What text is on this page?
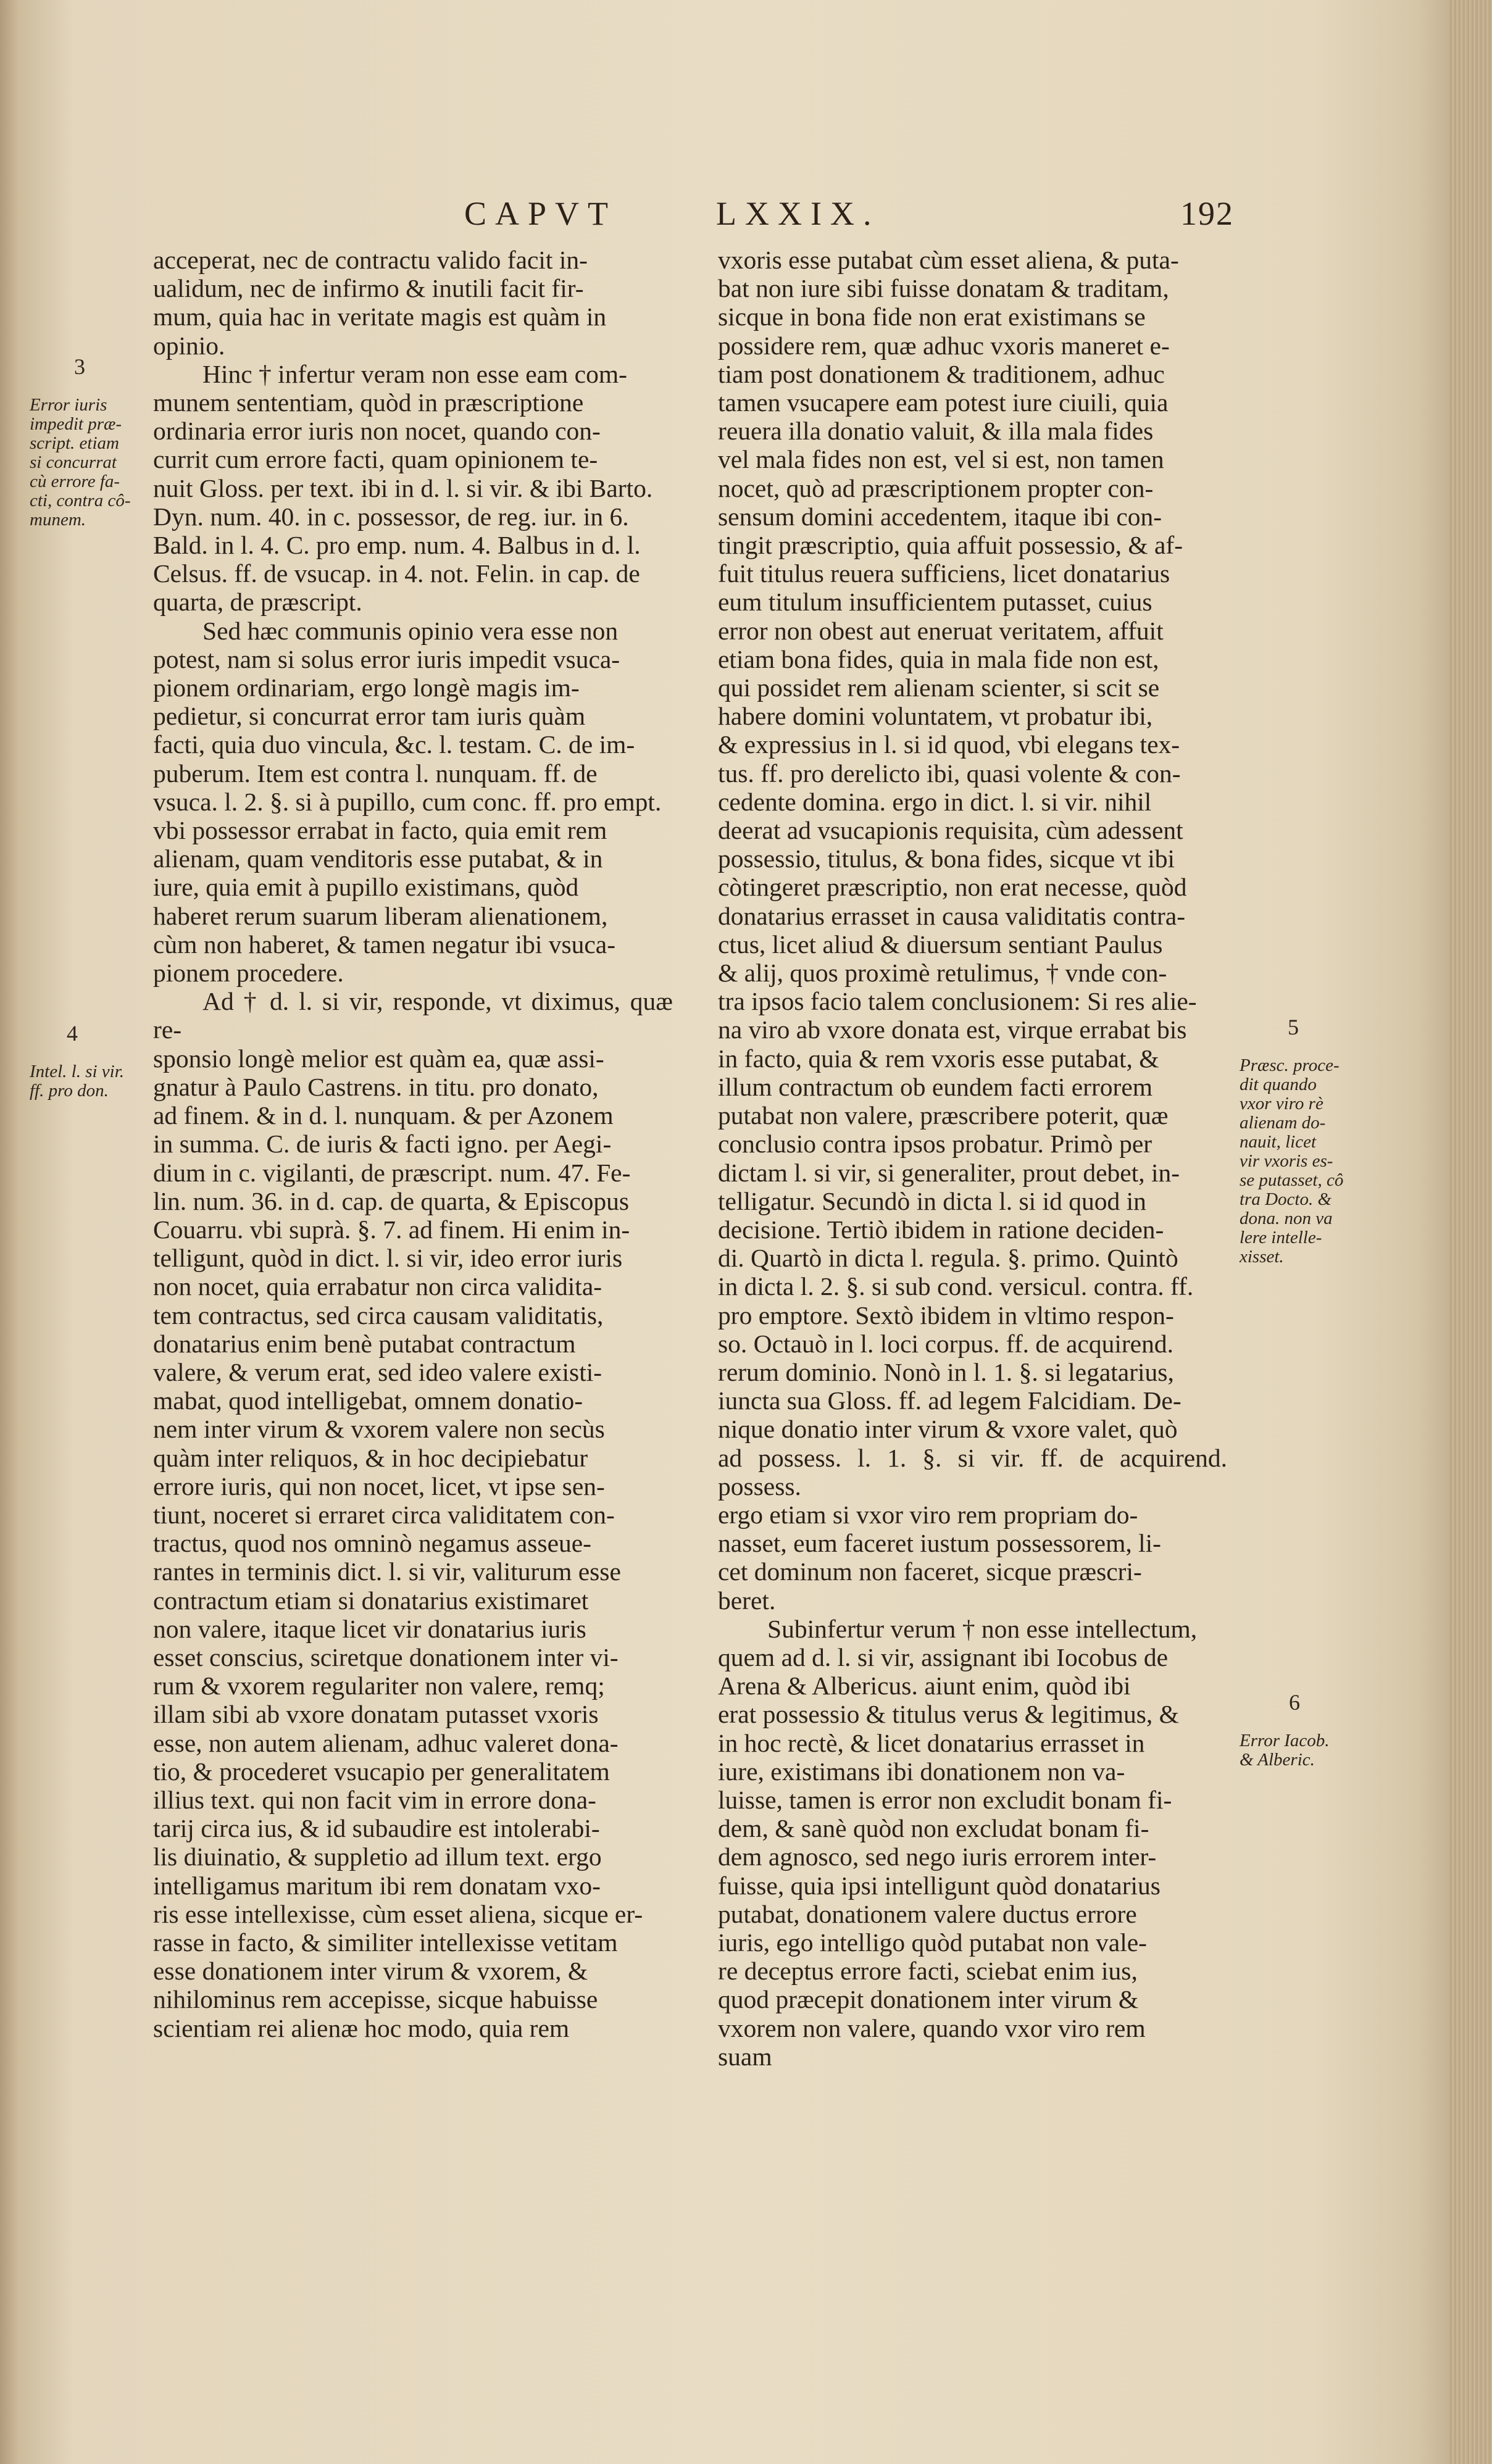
CAPVT	LXXIX.	192

acceperat, nec de contractu valido facit in-
ualidum, nec de infirmo & inutili facit fir-
mum, quia hac in veritate magis est quàm in
opinio.

Hinc † infertur veram non esse eam com-
munem sententiam, quòd in præscriptione
ordinaria error iuris non nocet, quando con-
currit cum errore facti, quam opinionem te-
nuit Gloss. per text. ibi in d. l. si vir. & ibi Barto.
Dyn. num. 40. in c. possessor, de reg. iur. in 6.
Bald. in l. 4. C. pro emp. num. 4. Balbus in d. l.
Celsus. ff. de vsucap. in 4. not. Felin. in cap. de
quarta, de præscript.

Sed hæc communis opinio vera esse non
potest, nam si solus error iuris impedit vsuca-
pionem ordinariam, ergo longè magis im-
pedietur, si concurrat error tam iuris quàm
facti, quia duo vincula, &c. l. testam. C. de im-
puberum. Item est contra l. nunquam. ff. de
vsuca. l. 2. §. si à pupillo, cum conc. ff. pro empt.
vbi possessor errabat in facto, quia emit rem
alienam, quam venditoris esse putabat, & in
iure, quia emit à pupillo existimans, quòd
haberet rerum suarum liberam alienationem,
cùm non haberet, & tamen negatur ibi vsuca-
pionem procedere.

Ad † d. l. si vir, responde, vt diximus, quæ re-
sponsio longè melior est quàm ea, quæ assi-
gnatur à Paulo Castrens. in titu. pro donato,
ad finem. & in d. l. nunquam. & per Azonem
in summa. C. de iuris & facti igno. per Aegi-
dium in c. vigilanti, de præscript. num. 47. Fe-
lin. num. 36. in d. cap. de quarta, & Episcopus
Couarru. vbi suprà. §. 7. ad finem. Hi enim in-
telligunt, quòd in dict. l. si vir, ideo error iuris
non nocet, quia errabatur non circa validita-
tem contractus, sed circa causam validitatis,
donatarius enim benè putabat contractum
valere, & verum erat, sed ideo valere existi-
mabat, quod intelligebat, omnem donatio-
nem inter virum & vxorem valere non secùs
quàm inter reliquos, & in hoc decipiebatur
errore iuris, qui non nocet, licet, vt ipse sen-
tiunt, noceret si erraret circa validitatem con-
tractus, quod nos omninò negamus asseue-
rantes in terminis dict. l. si vir, valiturum esse
contractum etiam si donatarius existimaret
non valere, itaque licet vir donatarius iuris
esset conscius, sciretque donationem inter vi-
rum & vxorem regulariter non valere, remq;
illam sibi ab vxore donatam putasset vxoris
esse, non autem alienam, adhuc valeret dona-
tio, & procederet vsucapio per generalitatem
illius text. qui non facit vim in errore dona-
tarij circa ius, & id subaudire est intolerabi-
lis diuinatio, & suppletio ad illum text. ergo
intelligamus maritum ibi rem donatam vxo-
ris esse intellexisse, cùm esset aliena, sicque er-
rasse in facto, & similiter intellexisse vetitam
esse donationem inter virum & vxorem, &
nihilominus rem accepisse, sicque habuisse
scientiam rei alienæ hoc modo, quia rem

vxoris esse putabat cùm esset aliena, & puta-
bat non iure sibi fuisse donatam & traditam,
sicque in bona fide non erat existimans se
possidere rem, quæ adhuc vxoris maneret e-
tiam post donationem & traditionem, adhuc
tamen vsucapere eam potest iure ciuili, quia
reuera illa donatio valuit, & illa mala fides
vel mala fides non est, vel si est, non tamen
nocet, quò ad præscriptionem propter con-
sensum domini accedentem, itaque ibi con-
tingit præscriptio, quia affuit possessio, & af-
fuit titulus reuera sufficiens, licet donatarius
eum titulum insufficientem putasset, cuius
error non obest aut eneruat veritatem, affuit
etiam bona fides, quia in mala fide non est,
qui possidet rem alienam scienter, si scit se
habere domini voluntatem, vt probatur ibi,
& expressius in l. si id quod, vbi elegans tex-
tus. ff. pro derelicto ibi, quasi volente & con-
cedente domina. ergo in dict. l. si vir. nihil
deerat ad vsucapionis requisita, cùm adessent
possessio, titulus, & bona fides, sicque vt ibi
còtingeret præscriptio, non erat necesse, quòd
donatarius errasset in causa validitatis contra-
ctus, licet aliud & diuersum sentiant Paulus
& alij, quos proximè retulimus, † vnde con-
tra ipsos facio talem conclusionem: Si res alie-
na viro ab vxore donata est, virque errabat bis
in facto, quia & rem vxoris esse putabat, &
illum contractum ob eundem facti errorem
putabat non valere, præscribere poterit, quæ
conclusio contra ipsos probatur. Primò per
dictam l. si vir, si generaliter, prout debet, in-
telligatur. Secundò in dicta l. si id quod in
decisione. Tertiò ibidem in ratione deciden-
di. Quartò in dicta l. regula. §. primo. Quintò
in dicta l. 2. §. si sub cond. versicul. contra. ff.
pro emptore. Sextò ibidem in vltimo respon-
so. Octauò in l. loci corpus. ff. de acquirend.
rerum dominio. Nonò in l. 1. §. si legatarius,
iuncta sua Gloss. ff. ad legem Falcidiam. De-
nique donatio inter virum & vxore valet, quò
ad possess. l. 1. §. si vir. ff. de acquirend. possess.
ergo etiam si vxor viro rem propriam do-
nasset, eum faceret iustum possessorem, li-
cet dominum non faceret, sicque præscri-
beret.

Subinfertur verum † non esse intellectum,
quem ad d. l. si vir, assignant ibi Iocobus de
Arena & Albericus. aiunt enim, quòd ibi
erat possessio & titulus verus & legitimus, &
in hoc rectè, & licet donatarius errasset in
iure, existimans ibi donationem non va-
luisse, tamen is error non excludit bonam fi-
dem, & sanè quòd non excludat bonam fi-
dem agnosco, sed nego iuris errorem inter-
fuisse, quia ipsi intelligunt quòd donatarius
putabat, donationem valere ductus errore
iuris, ego intelligo quòd putabat non vale-
re deceptus errore facti, sciebat enim ius,
quod præcepit donationem inter virum &
vxorem non valere, quando vxor viro rem
suam

3

Error iuris
impedit præ-
script. etiam
si concurrat
cù errore fa-
cti, contra cô-
munem.

4

Intel. l. si vir.
ff. pro don.

5

Præsc. proce-
dit quando
vxor viro rè
alienam do-
nauit, licet
vir vxoris es-
se putasset, cô
tra Docto. &
dona. non va
lere intelle-
xisset.

6

Error Iacob.
& Alberic.
